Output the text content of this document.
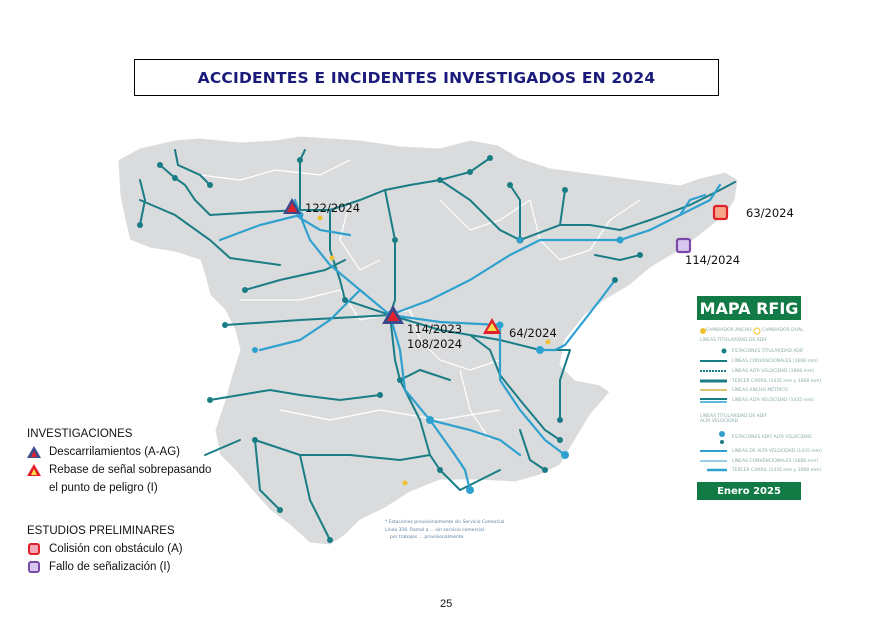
ACCIDENTES E INCIDENTES INVESTIGADOS EN 2024
122/2024
114/2023
108/2024
64/2024
63/2024
114/2024
* Estaciones provisionalmente sin Servicio Comercial
Línea 356. Ramal a ... sin servicio comercial
por trabajos ... provisionalmente
MAPA RFIG
CAMBIADOR ANCHO CAMBIADOR DUAL
LÍNEAS TITULARIDAD DE ADIF
ESTACIONES TITULARIDAD ADIF
LÍNEAS CONVENCIONALES (1668 mm)
LÍNEAS ALTA VELOCIDAD (1668 mm)
TERCER CARRIL (1435 mm y 1668 mm)
LÍNEAS ANCHO MÉTRICO
LÍNEAS ALTA VELOCIDAD (1435 mm)
LÍNEAS TITULARIDAD DE ADIF ALTA VELOCIDAD
ESTACIONES ADIF ALTA VELOCIDAD
LÍNEAS DE ALTA VELOCIDAD (1435 mm)
LÍNEAS CONVENCIONALES (1668 mm)
TERCER CARRIL (1435 mm y 1668 mm)
Enero 2025
INVESTIGACIONES
Descarrilamientos (A-AG)
Rebase de señal sobrepasando
el punto de peligro (I)
ESTUDIOS PRELIMINARES
Colisión con obstáculo (A)
Fallo de señalización (I)
25
